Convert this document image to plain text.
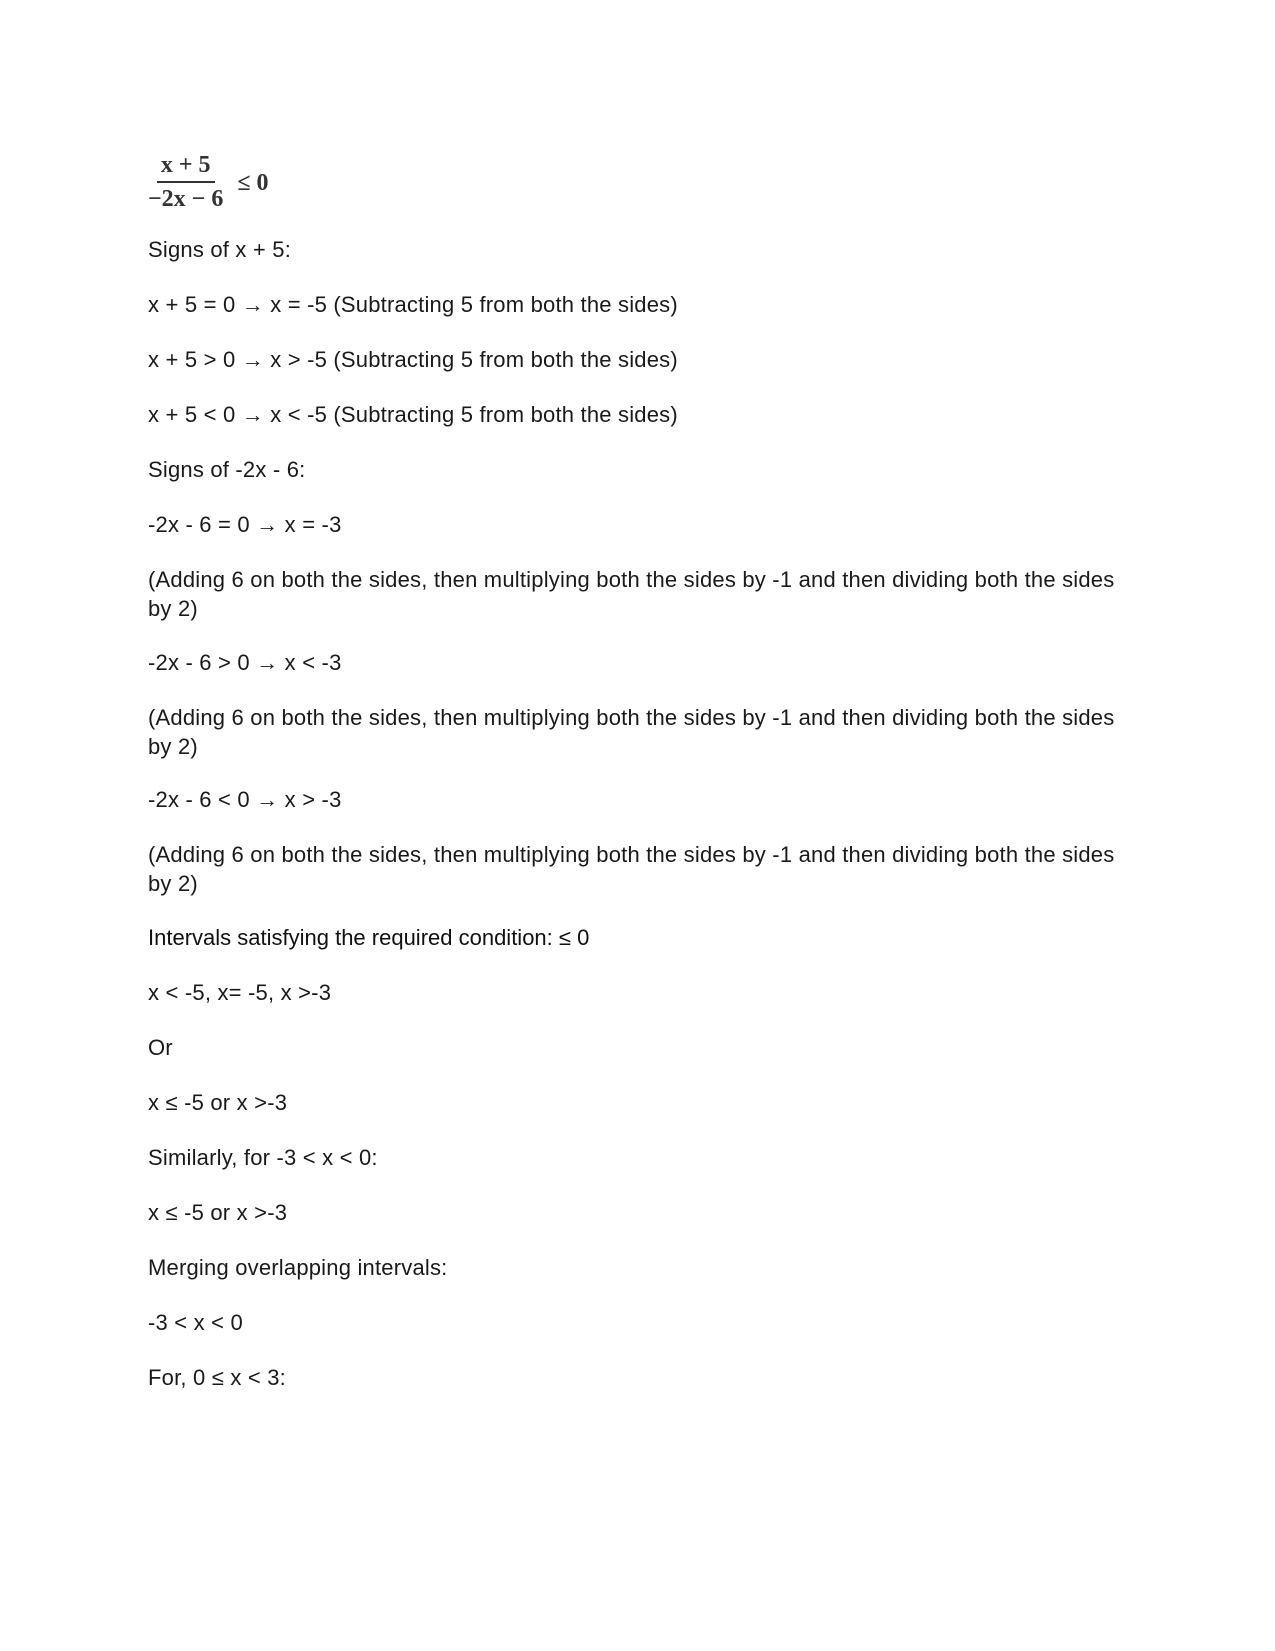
$\frac{x + 5}{-2x - 6} \le 0$

Signs of x + 5:

x + 5 = 0 → x = -5 (Subtracting 5 from both the sides)

x + 5 > 0 → x > -5 (Subtracting 5 from both the sides)

x + 5 < 0 → x < -5 (Subtracting 5 from both the sides)

Signs of -2x - 6:

-2x - 6 = 0 → x = -3

(Adding 6 on both the sides, then multiplying both the sides by -1 and then dividing both the sides by 2)

-2x - 6 > 0 → x < -3

(Adding 6 on both the sides, then multiplying both the sides by -1 and then dividing both the sides by 2)

-2x - 6 < 0 → x > -3

(Adding 6 on both the sides, then multiplying both the sides by -1 and then dividing both the sides by 2)

Intervals satisfying the required condition: ≤ 0

x < -5, x= -5, x >-3

Or

x ≤ -5 or x >-3

Similarly, for -3 < x < 0:

x ≤ -5 or x >-3

Merging overlapping intervals:

-3 < x < 0

For, 0 ≤ x < 3:
